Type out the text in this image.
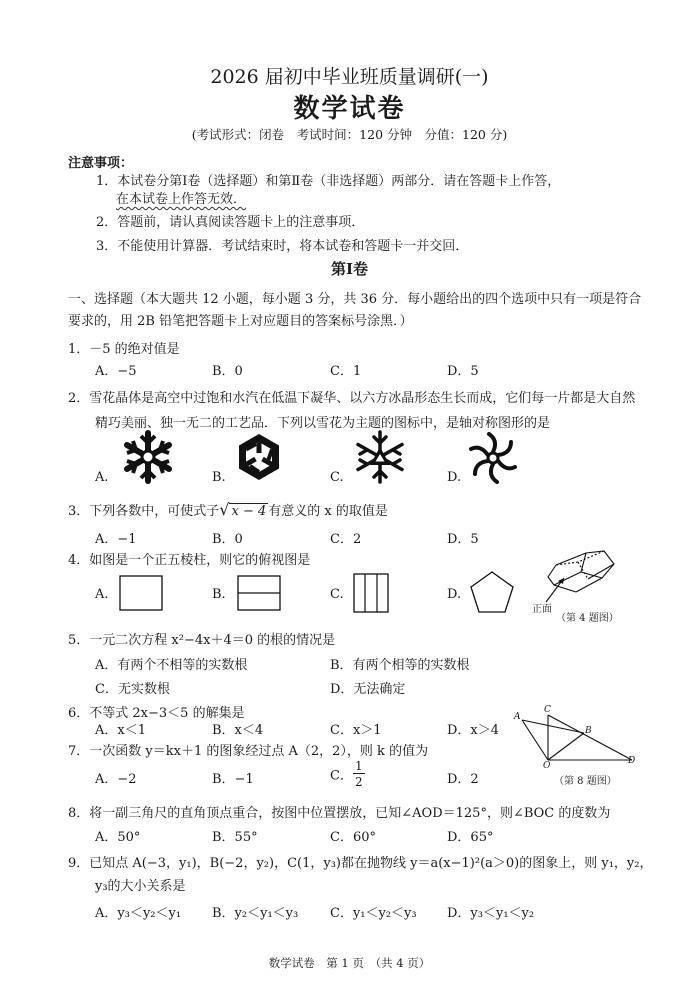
2026 届初中毕业班质量调研(一)
数学试卷
(考试形式：闭卷　考试时间：120 分钟　分值：120 分)
注意事项：
1．本试卷分第Ⅰ卷（选择题）和第Ⅱ卷（非选择题）两部分．请在答题卡上作答，
在本试卷上作答无效．
2．答题前，请认真阅读答题卡上的注意事项．
3．不能使用计算器．考试结束时，将本试卷和答题卡一并交回．
第Ⅰ卷
一、选择题（本大题共 12 小题，每小题 3 分，共 36 分．每小题给出的四个选项中只有一项是符合
要求的，用 2B 铅笔把答题卡上对应题目的答案标号涂黑．）
1．－5 的绝对值是
A．−5	B．0	C．1	D．5
2．雪花晶体是高空中过饱和水汽在低温下凝华、以六方冰晶形态生长而成，它们每一片都是大自然
精巧美丽、独一无二的工艺品．下列以雪花为主题的图标中，是轴对称图形的是
A.	B.	C.	D.
3．下列各数中，可使式子√ x − 4 有意义的 x 的取值是
A．−1	B．0	C．2	D．5
4．如图是一个正五棱柱，则它的俯视图是
A.	B.	C.	D.
正面
（第 4 题图）
5．一元二次方程 x²−4x＋4＝0 的根的情况是
A．有两个不相等的实数根	B．有两个相等的实数根
C．无实数根	D．无法确定
6．不等式 2x−3＜5 的解集是
A．x＜1	B．x＜4	C．x＞1	D．x＞4
7．一次函数 y＝kx＋1 的图象经过点 A（2，2），则 k 的值为
A．−2	B．−1	C． $\frac{1}{2}$	D．2
A
C
B
D
O
（第 8 题图）
8．将一副三角尺的直角顶点重合，按图中位置摆放，已知∠AOD＝125°，则∠BOC 的度数为
A．50°	B．55°	C．60°	D．65°
9．已知点 A(−3，y₁)，B(−2，y₂)，C(1，y₃)都在抛物线 y＝a(x−1)²(a＞0)的图象上，则 y₁，y₂，
y₃的大小关系是
A．y₃＜y₂＜y₁ B．y₂＜y₁＜y₃ C．y₁＜y₂＜y₃ D．y₃＜y₁＜y₂
数学试卷　第 1 页　（共 4 页）
